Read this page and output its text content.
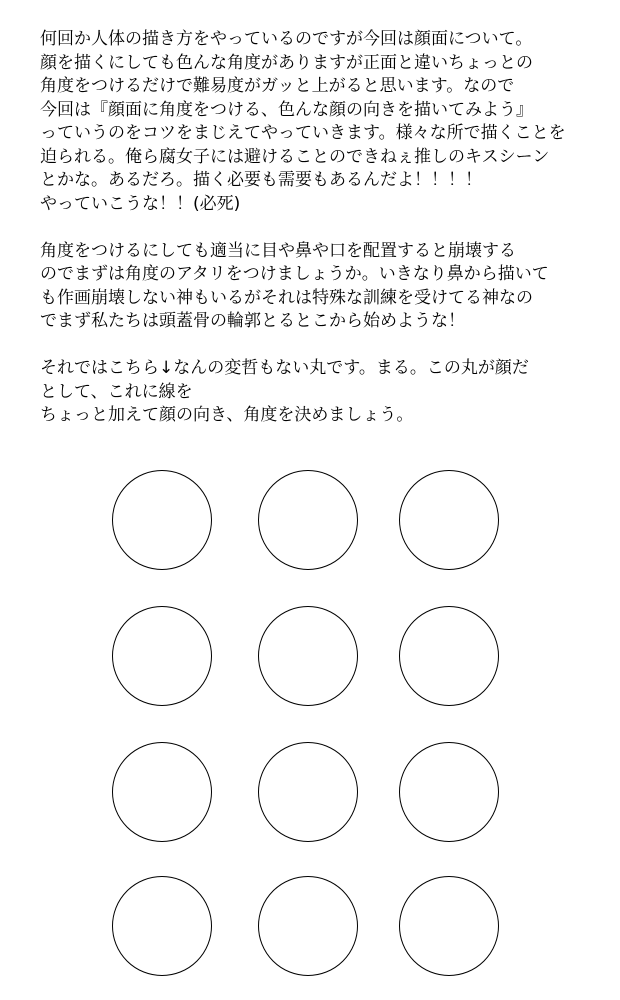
何回か人体の描き方をやっているのですが今回は顔面について。
顔を描くにしても色んな角度がありますが正面と違いちょっとの
角度をつけるだけで難易度がガッと上がると思います。なので
今回は『顔面に角度をつける、色んな顔の向きを描いてみよう』
っていうのをコツをまじえてやっていきます。様々な所で描くことを
迫られる。俺ら腐女子には避けることのできねぇ推しのキスシーン
とかな。あるだろ。描く必要も需要もあるんだよ！！！！
やっていこうな！！(必死)

角度をつけるにしても適当に目や鼻や口を配置すると崩壊する
のでまずは角度のアタリをつけましょうか。いきなり鼻から描いて
も作画崩壊しない神もいるがそれは特殊な訓練を受けてる神なの
でまず私たちは頭蓋骨の輪郭とるとこから始めような！

それではこちら↓なんの変哲もない丸です。まる。この丸が顔だ
として、これに線を
ちょっと加えて顔の向き、角度を決めましょう。
